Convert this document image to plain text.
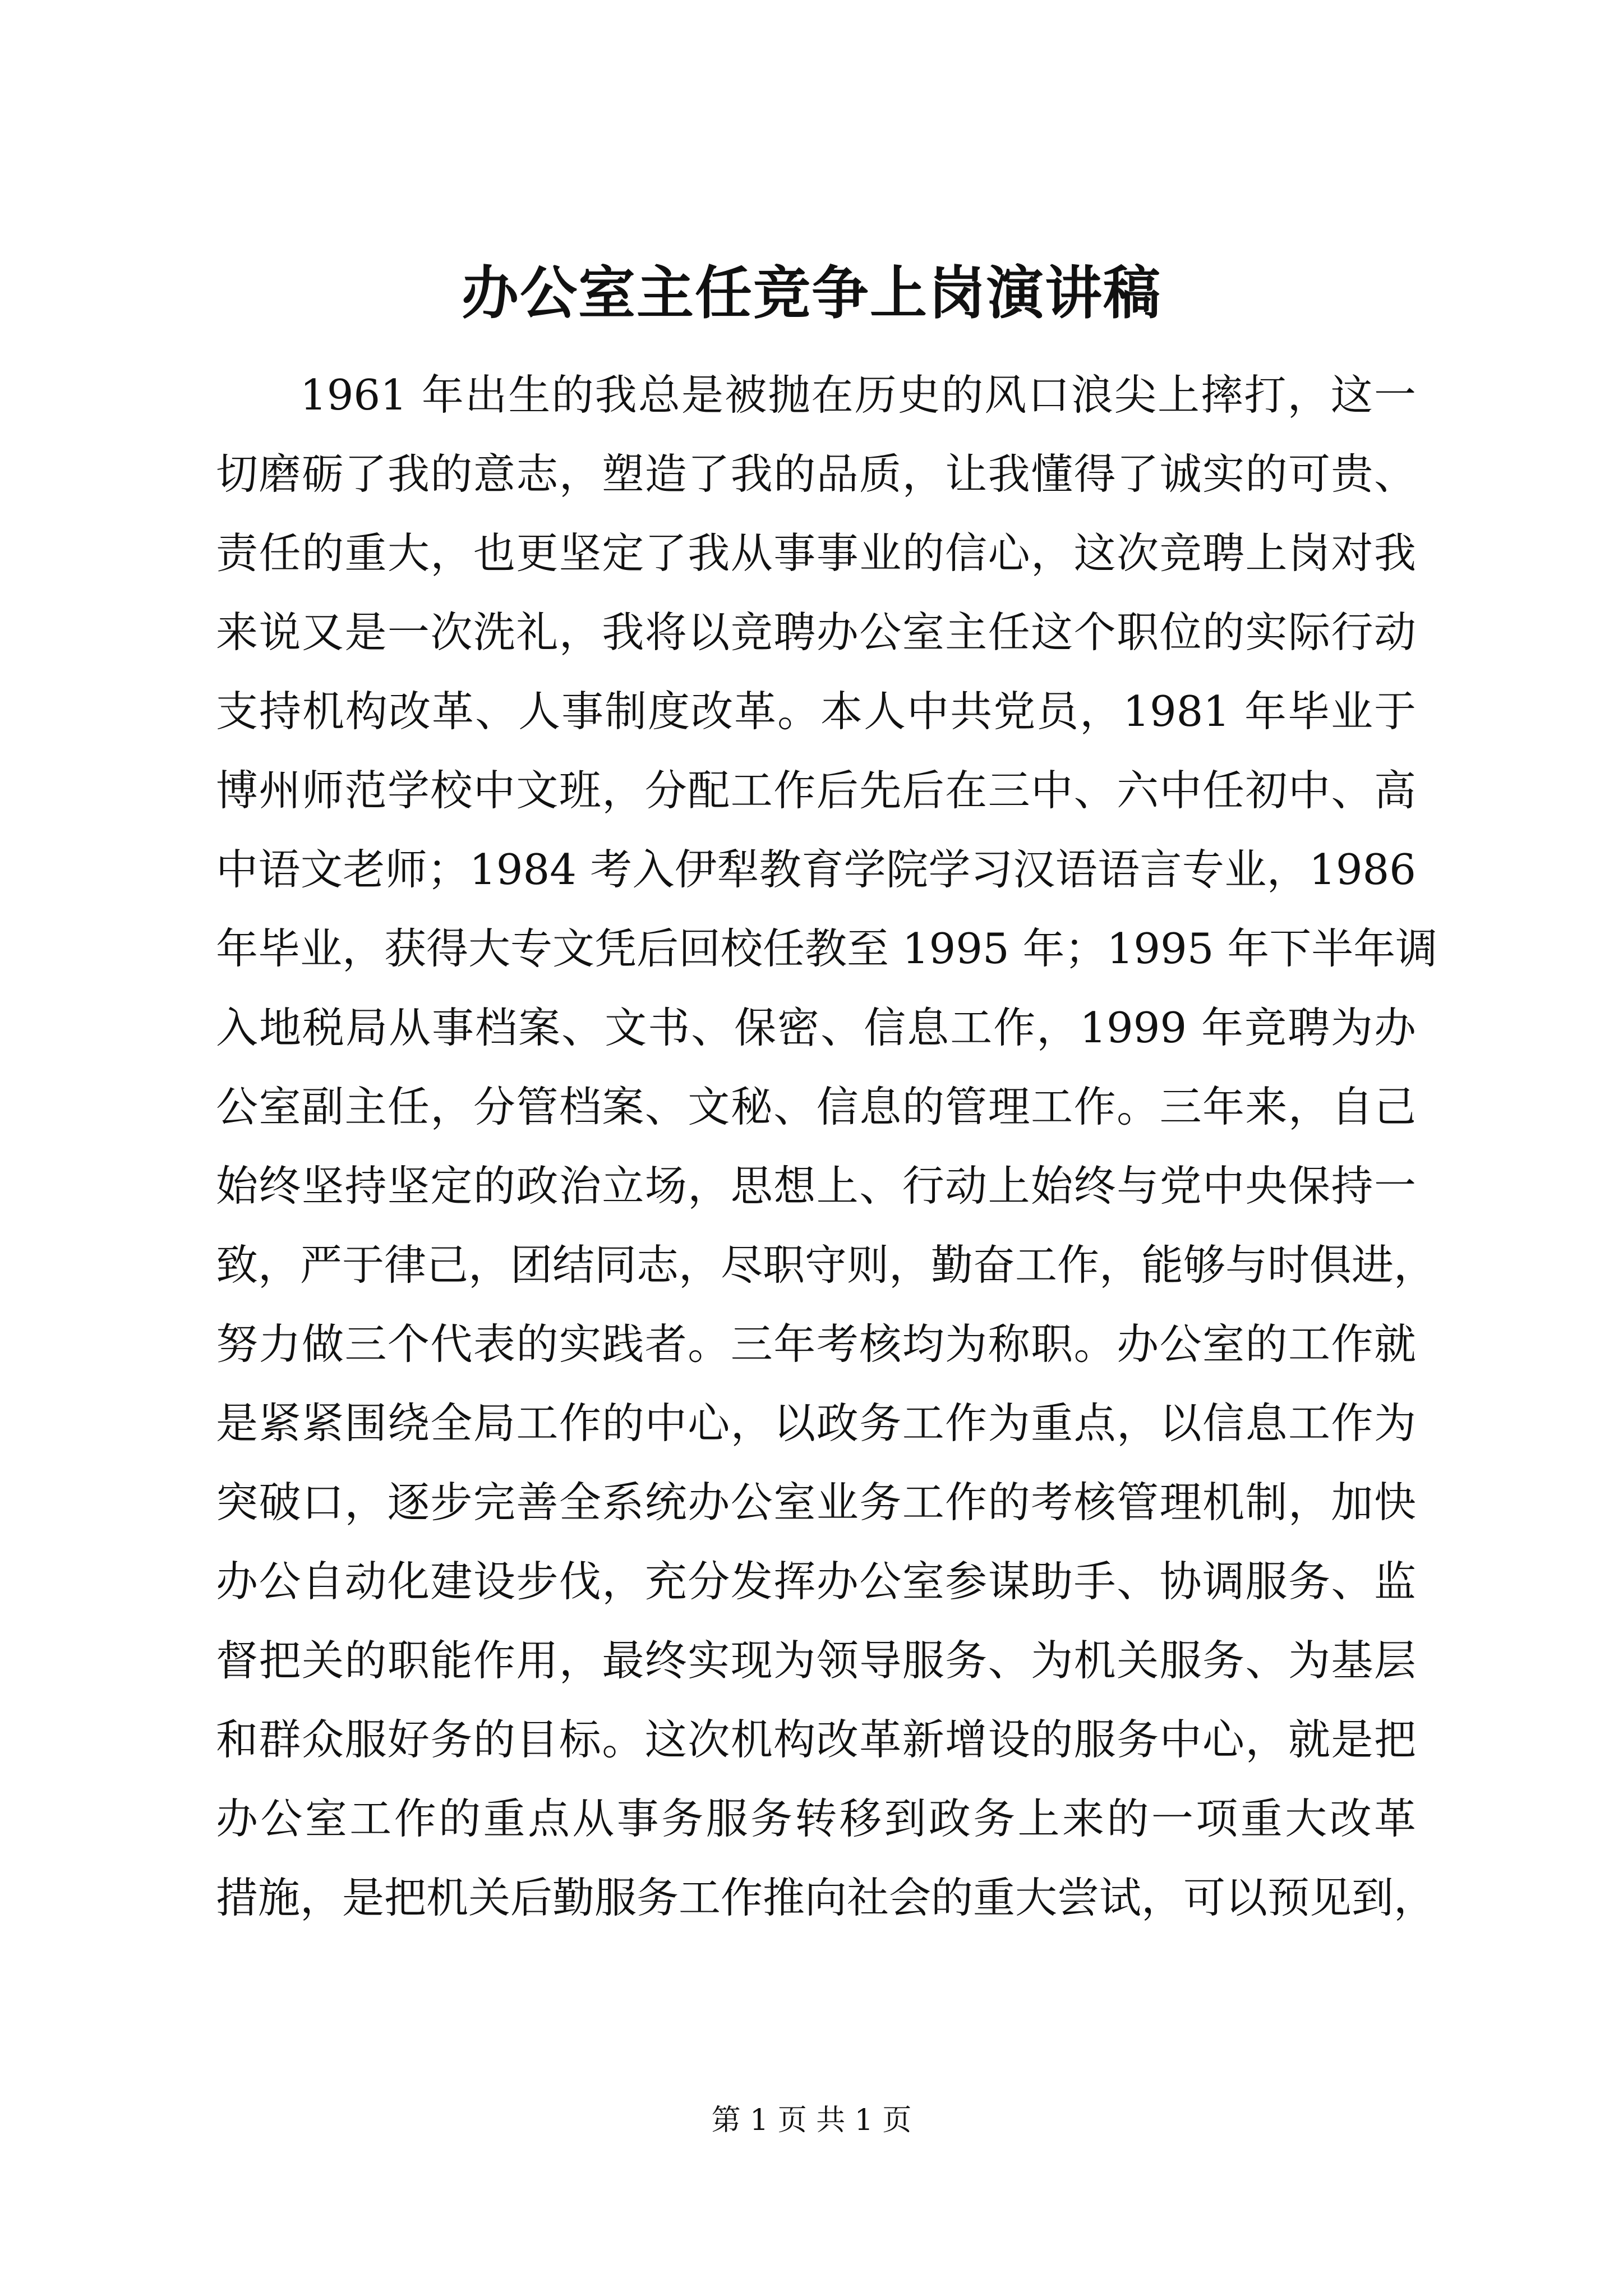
办公室主任竞争上岗演讲稿
1961 年出生的我总是被抛在历史的风口浪尖上摔打，这一
切磨砺了我的意志，塑造了我的品质，让我懂得了诚实的可贵、
责任的重大，也更坚定了我从事事业的信心，这次竞聘上岗对我
来说又是一次洗礼，我将以竞聘办公室主任这个职位的实际行动
支持机构改革、人事制度改革。本人中共党员，1981 年毕业于
博州师范学校中文班，分配工作后先后在三中、六中任初中、高
中语文老师；1984 考入伊犁教育学院学习汉语语言专业，1986
年毕业，获得大专文凭后回校任教至 1995 年；1995 年下半年调
入地税局从事档案、文书、保密、信息工作，1999 年竞聘为办
公室副主任，分管档案、文秘、信息的管理工作。三年来，自己
始终坚持坚定的政治立场，思想上、行动上始终与党中央保持一
致，严于律己，团结同志，尽职守则，勤奋工作，能够与时俱进，
努力做三个代表的实践者。三年考核均为称职。办公室的工作就
是紧紧围绕全局工作的中心，以政务工作为重点，以信息工作为
突破口，逐步完善全系统办公室业务工作的考核管理机制，加快
办公自动化建设步伐，充分发挥办公室参谋助手、协调服务、监
督把关的职能作用，最终实现为领导服务、为机关服务、为基层
和群众服好务的目标。这次机构改革新增设的服务中心，就是把
办公室工作的重点从事务服务转移到政务上来的一项重大改革
措施，是把机关后勤服务工作推向社会的重大尝试，可以预见到，
第 1 页 共 1 页
